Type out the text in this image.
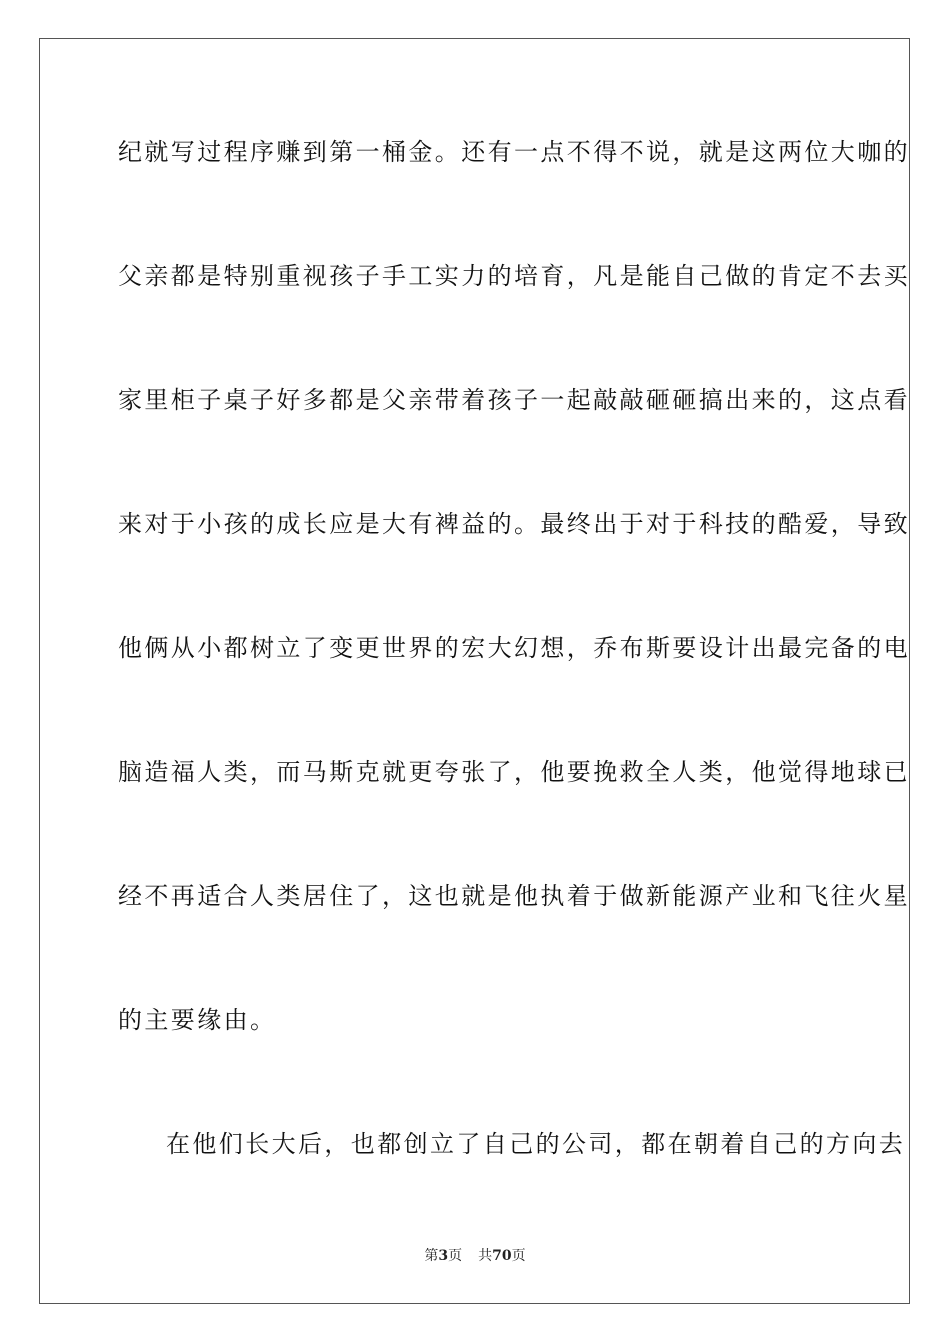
纪就写过程序赚到第一桶金。还有一点不得不说，就是这两位大咖的
父亲都是特别重视孩子手工实力的培育，凡是能自己做的肯定不去买
家里柜子桌子好多都是父亲带着孩子一起敲敲砸砸搞出来的，这点看
来对于小孩的成长应是大有裨益的。最终出于对于科技的酷爱，导致
他俩从小都树立了变更世界的宏大幻想，乔布斯要设计出最完备的电
脑造福人类，而马斯克就更夸张了，他要挽救全人类，他觉得地球已
经不再适合人类居住了，这也就是他执着于做新能源产业和飞往火星
的主要缘由。
在他们长大后，也都创立了自己的公司，都在朝着自己的方向去
第3页 共70页
